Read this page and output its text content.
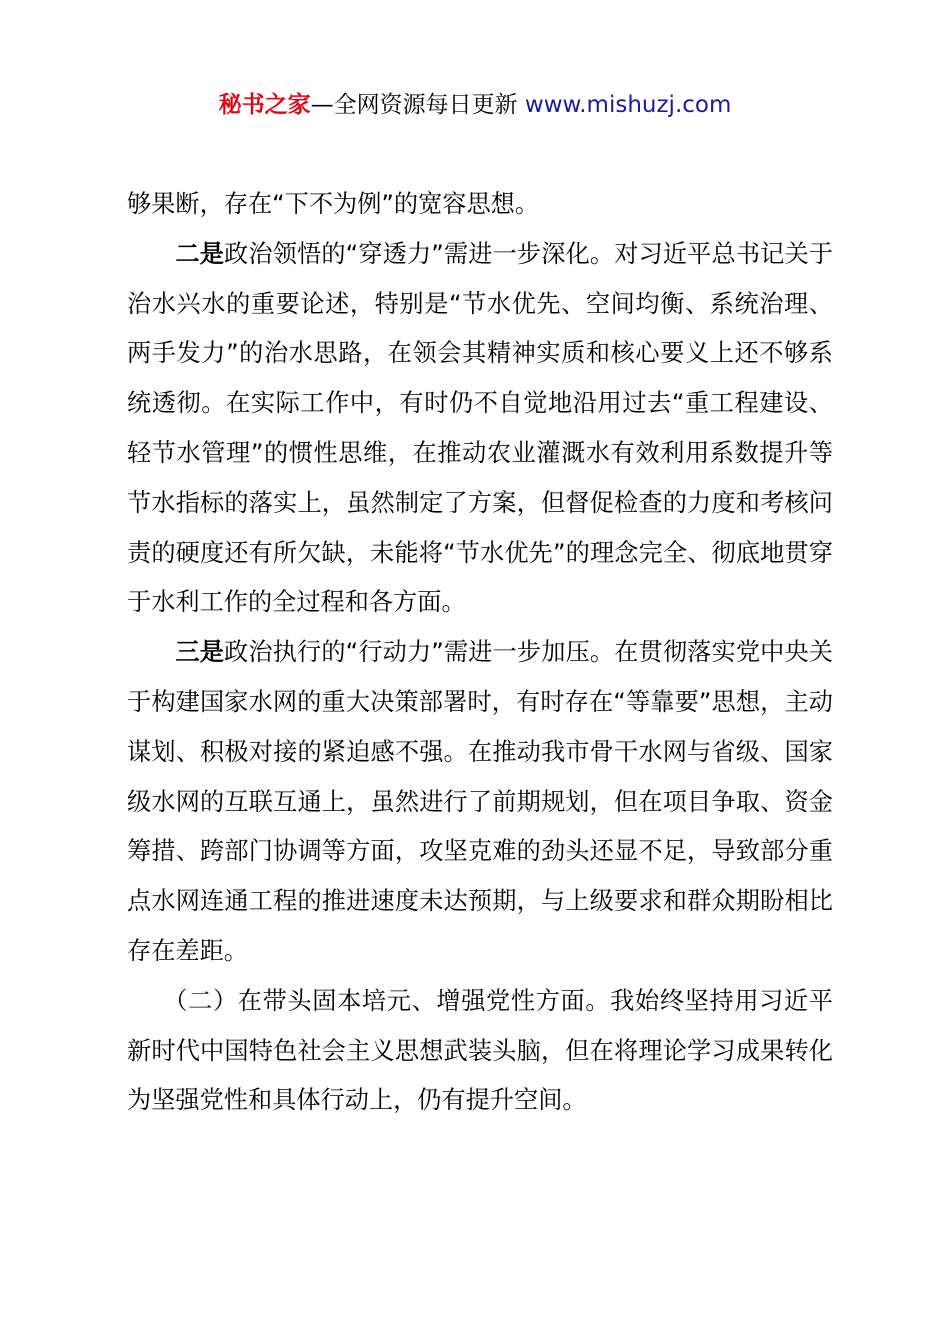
秘书之家—全网资源每日更新 www.mishuzj.com

够果断，存在“下不为例”的宽容思想。

二是政治领悟的“穿透力”需进一步深化。对习近平总书记关于治水兴水的重要论述，特别是“节水优先、空间均衡、系统治理、两手发力”的治水思路，在领会其精神实质和核心要义上还不够系统透彻。在实际工作中，有时仍不自觉地沿用过去“重工程建设、轻节水管理”的惯性思维，在推动农业灌溉水有效利用系数提升等节水指标的落实上，虽然制定了方案，但督促检查的力度和考核问责的硬度还有所欠缺，未能将“节水优先”的理念完全、彻底地贯穿于水利工作的全过程和各方面。

三是政治执行的“行动力”需进一步加压。在贯彻落实党中央关于构建国家水网的重大决策部署时，有时存在“等靠要”思想，主动谋划、积极对接的紧迫感不强。在推动我市骨干水网与省级、国家级水网的互联互通上，虽然进行了前期规划，但在项目争取、资金筹措、跨部门协调等方面，攻坚克难的劲头还显不足，导致部分重点水网连通工程的推进速度未达预期，与上级要求和群众期盼相比存在差距。

（二）在带头固本培元、增强党性方面。我始终坚持用习近平新时代中国特色社会主义思想武装头脑，但在将理论学习成果转化为坚强党性和具体行动上，仍有提升空间。
